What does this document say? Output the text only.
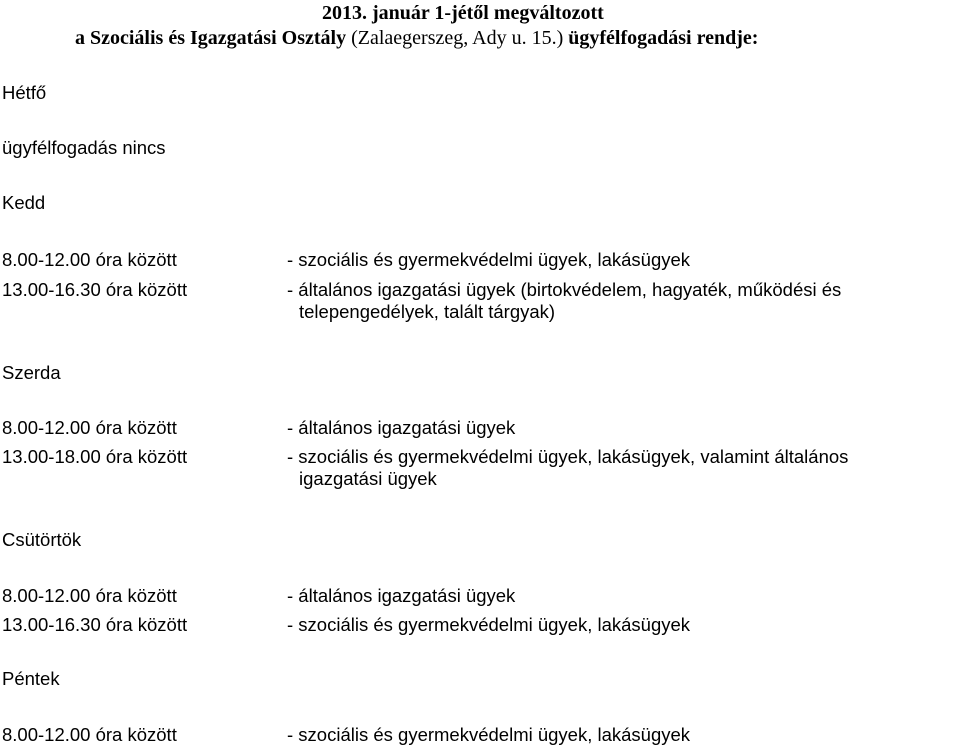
2013. január 1-jétől megváltozott
a Szociális és Igazgatási Osztály (Zalaegerszeg, Ady u. 15.) ügyfélfogadási rendje:
Hétfő
ügyfélfogadás nincs
Kedd
8.00-12.00 óra között	- szociális és gyermekvédelmi ügyek, lakásügyek
13.00-16.30 óra között	- általános igazgatási ügyek (birtokvédelem, hagyaték, működési és
telepengedélyek, talált tárgyak)
Szerda
8.00-12.00 óra között	- általános igazgatási ügyek
13.00-18.00 óra között	- szociális és gyermekvédelmi ügyek, lakásügyek, valamint általános
igazgatási ügyek
Csütörtök
8.00-12.00 óra között	- általános igazgatási ügyek
13.00-16.30 óra között	- szociális és gyermekvédelmi ügyek, lakásügyek
Péntek
8.00-12.00 óra között	- szociális és gyermekvédelmi ügyek, lakásügyek
